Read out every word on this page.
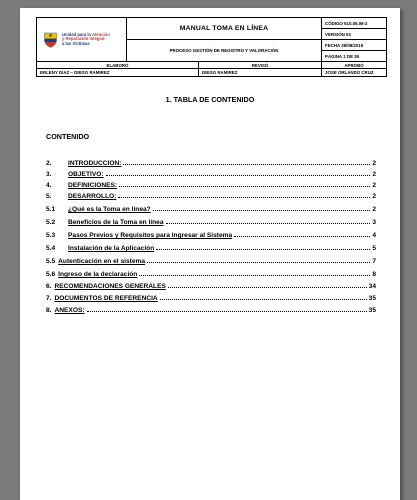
Unidad para la Atención
y Reparación Integral
a las Víctimas	MANUAL TOMA EN LÍNEA		CÓDIGO 510.05.06-2
			VERSIÓN 02

	PROCESO GESTIÓN DE REGISTRO Y VALORACIÓN		FECHA 28/08/2015
			PÁGINA 1 DE 35
ELABORÓ		REVISÓ	APROBÓ
ERLENY DIAZ – DIEGO RAMIREZ		DIEGO RAMIREZ	JOSE ORLANDO CRUZ
1. TABLA DE CONTENIDO
CONTENIDO
2.	INTRODUCCION:	2
3.	OBJETIVO:	2
4.	DEFINICIONES:	2
5.	DESARROLLO:	2
5.1	¿Qué es la Toma en línea?	2
5.2	Beneficios de la Toma en línea	3
5.3	Pasos Previos y Requisitos para Ingresar al Sistema	4
5.4	Instalación de la Aplicación	5
5.5 Autenticación en el sistema	7
5.6 Ingreso de la declaración	8
6. RECOMENDACIONES GENERALES	34
7. DOCUMENTOS DE REFERENCIA	35
8. ANEXOS:	35
